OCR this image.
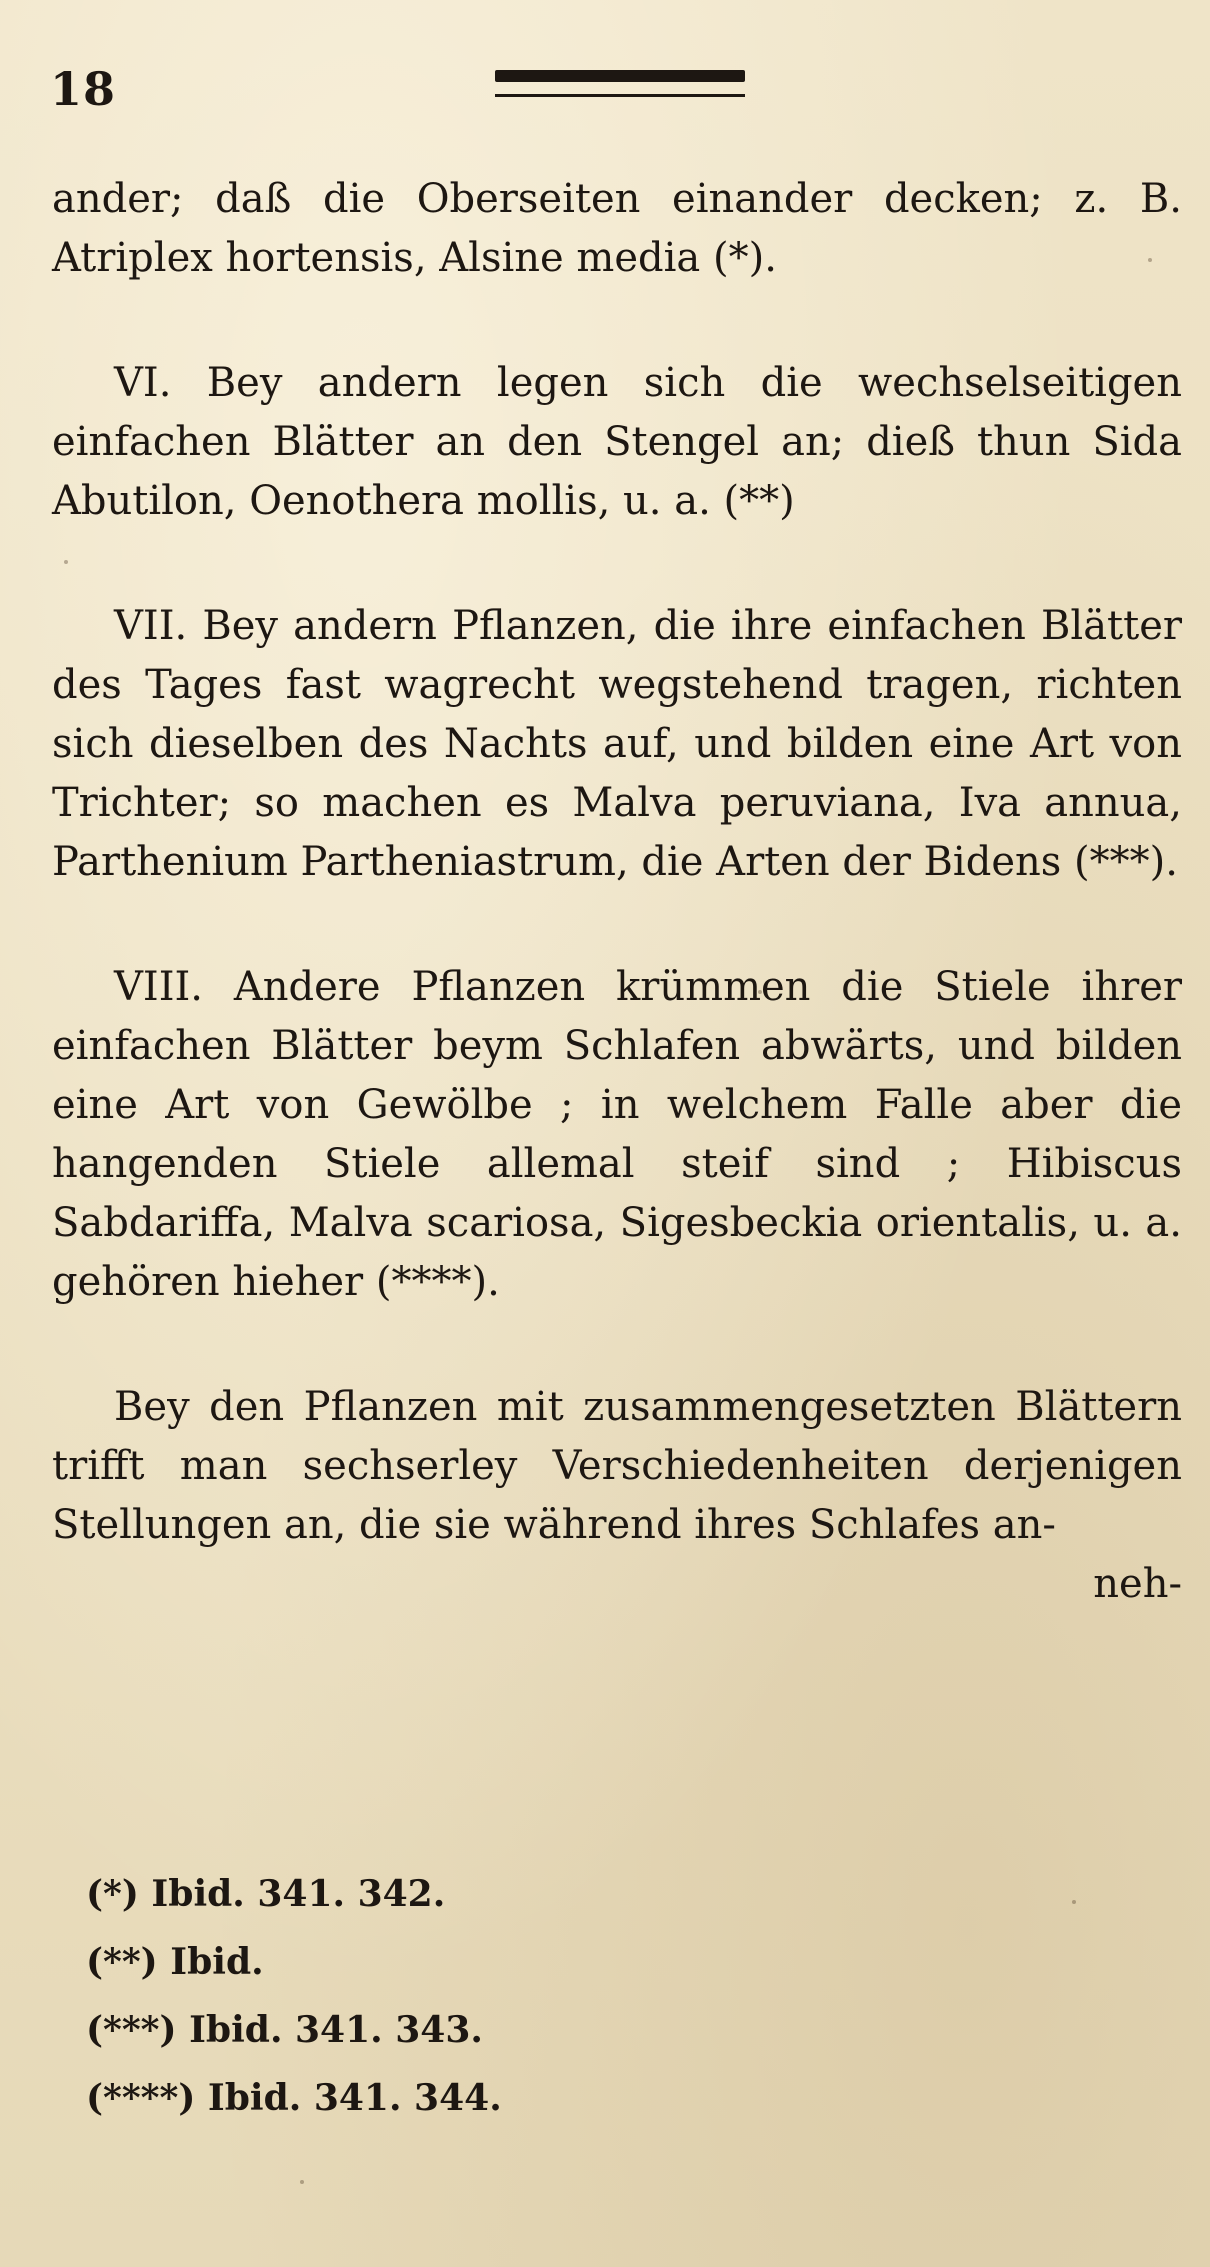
18

ander; daß die Oberseiten einander decken; z. B. Atriplex hortensis, Alsine media (*).

VI. Bey andern legen sich die wechselseitigen einfachen Blätter an den Stengel an; dieß thun Sida Abutilon, Oenothera mollis, u. a. (**)

VII. Bey andern Pflanzen, die ihre einfachen Blätter des Tages fast wagrecht wegstehend tragen, richten sich dieselben des Nachts auf, und bilden eine Art von Trichter; so machen es Malva peruviana, Iva annua, Parthenium Partheniastrum, die Arten der Bidens (***).

VIII. Andere Pflanzen krümmen die Stiele ihrer einfachen Blätter beym Schlafen abwärts, und bilden eine Art von Gewölbe ; in welchem Falle aber die hangenden Stiele allemal steif sind ; Hibiscus Sabdariffa, Malva scariosa, Sigesbeckia orientalis, u. a. gehören hieher (****).

Bey den Pflanzen mit zusammengesetzten Blättern trifft man sechserley Verschiedenheiten derjenigen Stellungen an, die sie während ihres Schlafes an-

neh-

(*) Ibid. 341. 342.

(**) Ibid.

(***) Ibid. 341. 343.

(****) Ibid. 341. 344.
